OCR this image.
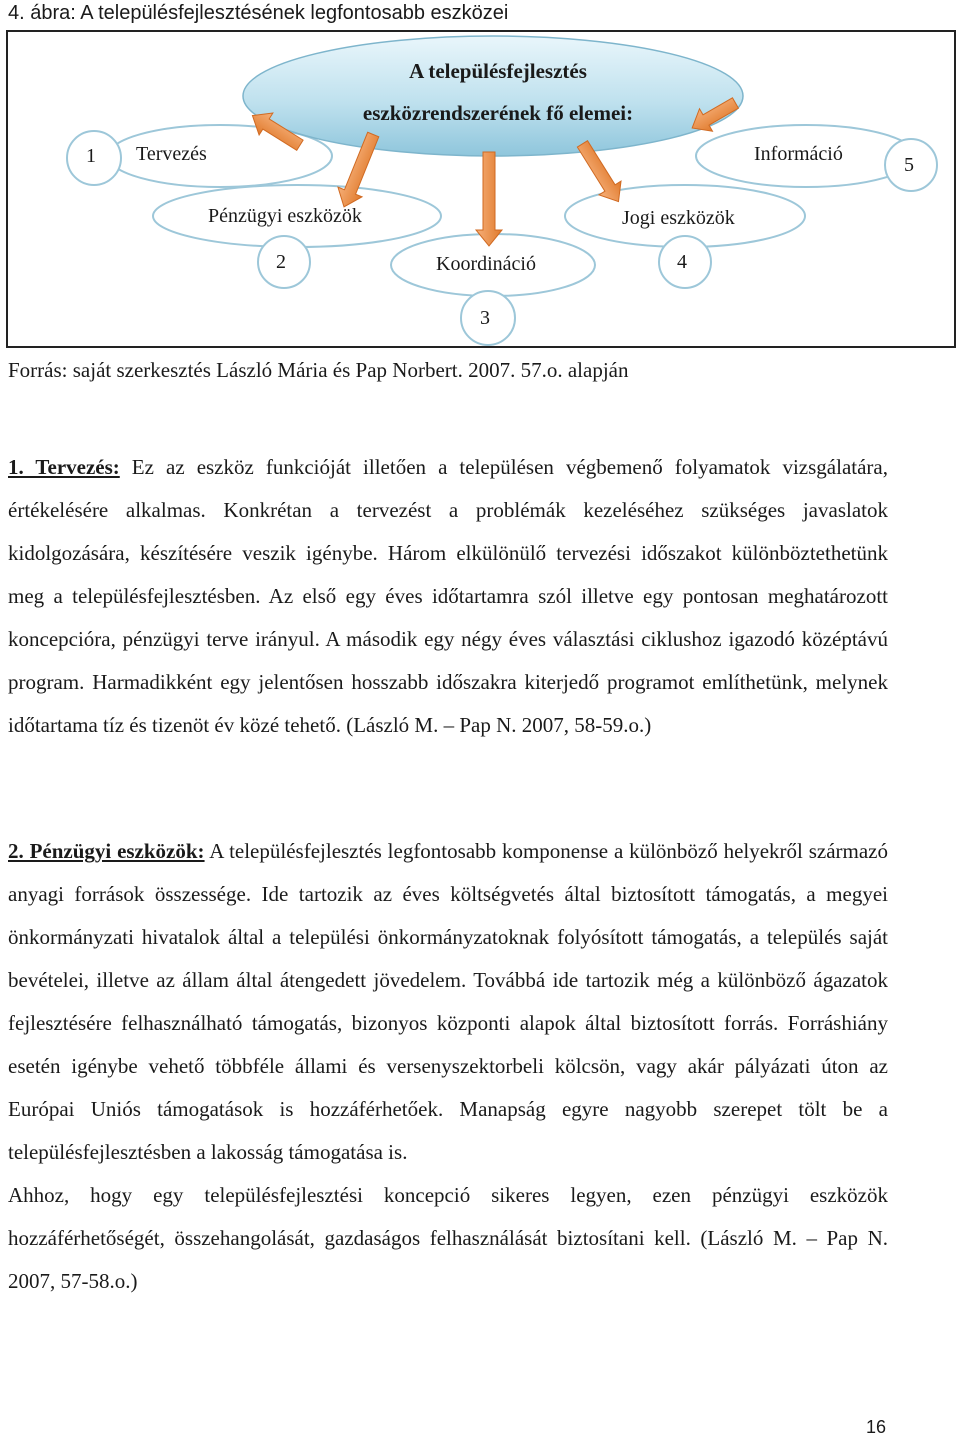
4. ábra: A településfejlesztésének legfontosabb eszközei
A településfejlesztés
eszközrendszerének fő elemei:
1 Tervezés
Pénzügyi eszközök
2	Koordináció
3
Jogi eszközök
4
Információ	5
Forrás: saját szerkesztés László Mária és Pap Norbert. 2007. 57.o. alapján

1. Tervezés: Ez az eszköz funkcióját illetően a településen végbemenő folyamatok vizsgálatára, értékelésére alkalmas. Konkrétan a tervezést a problémák kezeléséhez szükséges javaslatok kidolgozására, készítésére veszik igénybe. Három elkülönülő tervezési időszakot különböztethetünk meg a településfejlesztésben. Az első egy éves időtartamra szól illetve egy pontosan meghatározott koncepcióra, pénzügyi terve irányul. A második egy négy éves választási ciklushoz igazodó középtávú program. Harmadikként egy jelentősen hosszabb időszakra kiterjedő programot említhetünk, melynek időtartama tíz és tizenöt év közé tehető. (László M. – Pap N. 2007, 58-59.o.)

2. Pénzügyi eszközök: A településfejlesztés legfontosabb komponense a különböző helyekről származó anyagi források összessége. Ide tartozik az éves költségvetés által biztosított támogatás, a megyei önkormányzati hivatalok által a települési önkormányzatoknak folyósított támogatás, a település saját bevételei, illetve az állam által átengedett jövedelem. Továbbá ide tartozik még a különböző ágazatok fejlesztésére felhasználható támogatás, bizonyos központi alapok által biztosított forrás. Forráshiány esetén igénybe vehető többféle állami és versenyszektorbeli kölcsön, vagy akár pályázati úton az Európai Uniós támogatások is hozzáférhetőek. Manapság egyre nagyobb szerepet tölt be a településfejlesztésben a lakosság támogatása is.

Ahhoz, hogy egy településfejlesztési koncepció sikeres legyen, ezen pénzügyi eszközök hozzáférhetőségét, összehangolását, gazdaságos felhasználását biztosítani kell. (László M. – Pap N. 2007, 57-58.o.)

16
